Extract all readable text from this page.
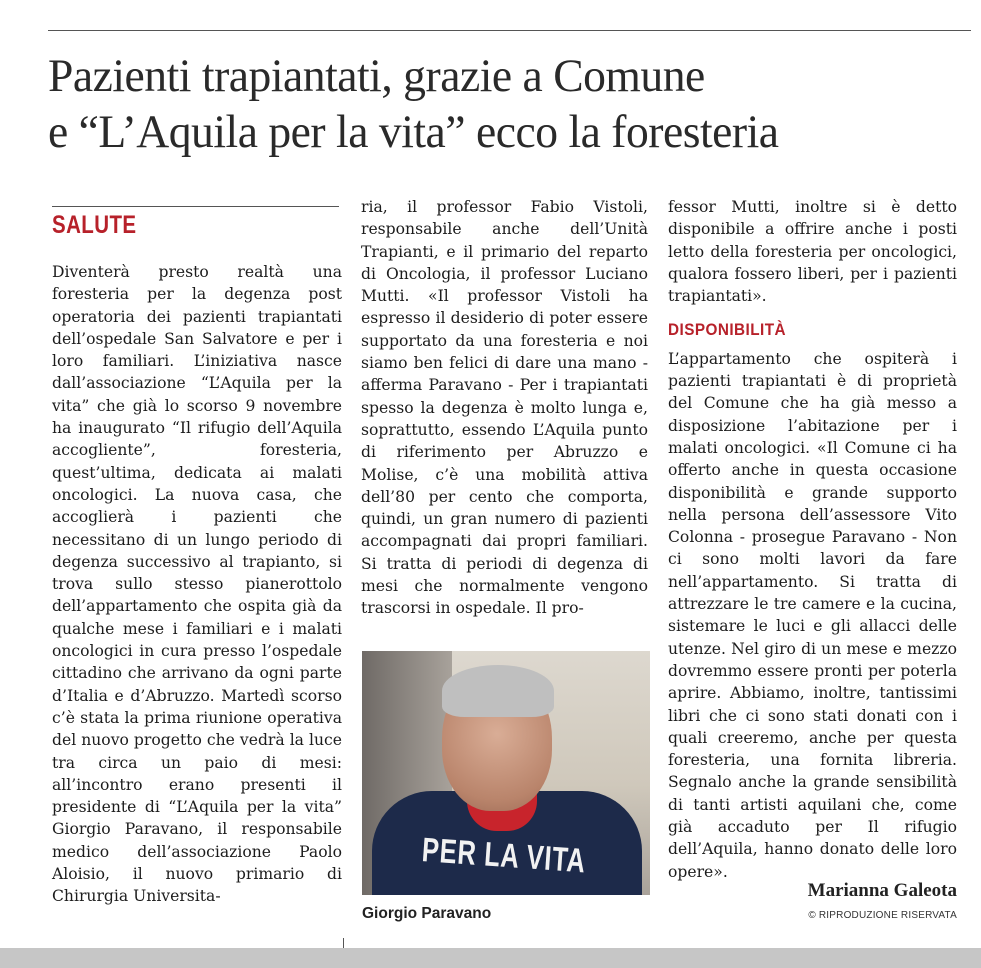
Pazienti trapiantati, grazie a Comune
e “L’Aquila per la vita” ecco la foresteria
SALUTE

Diventerà presto realtà una foresteria per la degenza post operatoria dei pazienti trapiantati dell’ospedale San Salvatore e per i loro familiari. L’iniziativa nasce dall’associazione “L’Aquila per la vita” che già lo scorso 9 novembre ha inaugurato “Il rifugio dell’Aquila accogliente”, foresteria, quest’ultima, dedicata ai malati oncologici. La nuova casa, che accoglierà i pazienti che necessitano di un lungo periodo di degenza successivo al trapianto, si trova sullo stesso pianerottolo dell’appartamento che ospita già da qualche mese i familiari e i malati oncologici in cura presso l’ospedale cittadino che arrivano da ogni parte d’Italia e d’Abruzzo. Martedì scorso c’è stata la prima riunione operativa del nuovo progetto che vedrà la luce tra circa un paio di mesi: all’incontro erano presenti il presidente di “L’Aquila per la vita” Giorgio Paravano, il responsabile medico dell’associazione Paolo Aloisio, il nuovo primario di Chirurgia Universita-

ria, il professor Fabio Vistoli, responsabile anche dell’Unità Trapianti, e il primario del reparto di Oncologia, il professor Luciano Mutti. «Il professor Vistoli ha espresso il desiderio di poter essere supportato da una foresteria e noi siamo ben felici di dare una mano - afferma Paravano - Per i trapiantati spesso la degenza è molto lunga e, soprattutto, essendo L’Aquila punto di riferimento per Abruzzo e Molise, c’è una mobilità attiva dell’80 per cento che comporta, quindi, un gran numero di pazienti accompagnati dai propri familiari. Si tratta di periodi di degenza di mesi che normalmente vengono trascorsi in ospedale. Il pro-

fessor Mutti, inoltre si è detto disponibile a offrire anche i posti letto della foresteria per oncologici, qualora fossero liberi, per i pazienti trapiantati».

DISPONIBILITÀ

L’appartamento che ospiterà i pazienti trapiantati è di proprietà del Comune che ha già messo a disposizione l’abitazione per i malati oncologici. «Il Comune ci ha offerto anche in questa occasione disponibilità e grande supporto nella persona dell’assessore Vito Colonna - prosegue Paravano - Non ci sono molti lavori da fare nell’appartamento. Si tratta di attrezzare le tre camere e la cucina, sistemare le luci e gli allacci delle utenze. Nel giro di un mese e mezzo dovremmo essere pronti per poterla aprire. Abbiamo, inoltre, tantissimi libri che ci sono stati donati con i quali creeremo, anche per questa foresteria, una fornita libreria. Segnalo anche la grande sensibilità di tanti artisti aquilani che, come già accaduto per Il rifugio dell’Aquila, hanno donato delle loro opere».

PER LA VITA
Giorgio Paravano
Marianna Galeota
© RIPRODUZIONE RISERVATA
